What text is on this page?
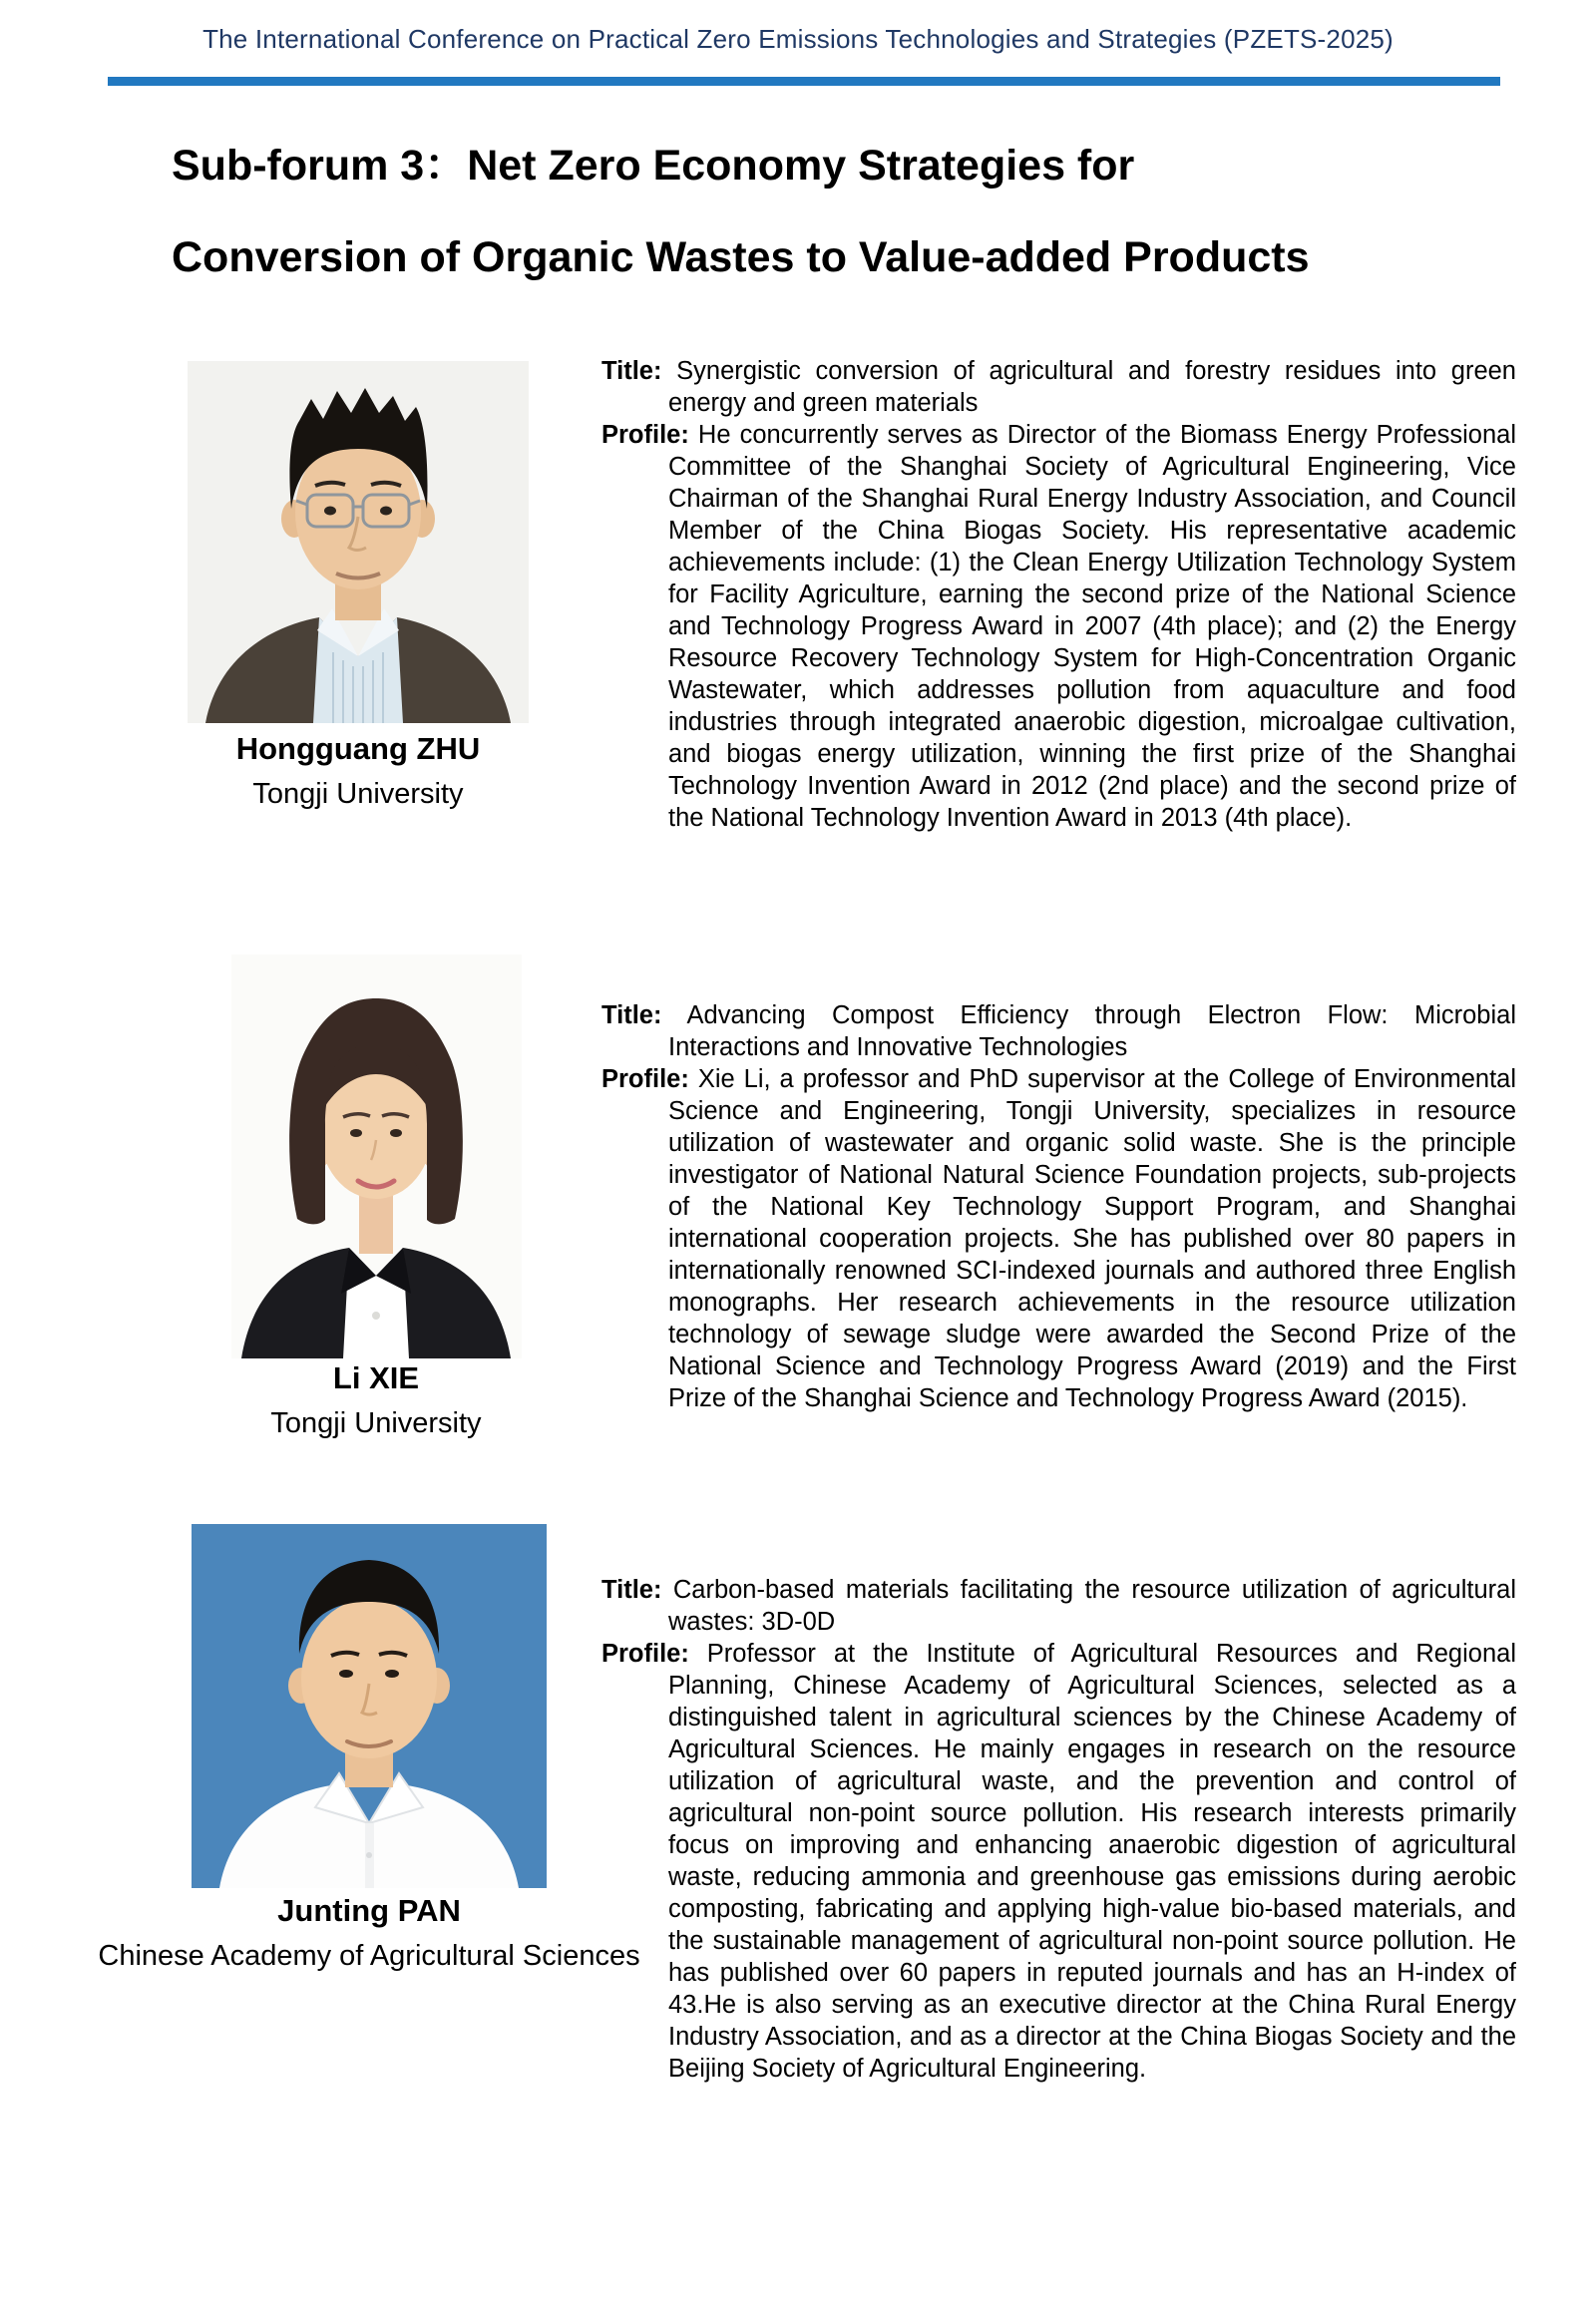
The International Conference on Practical Zero Emissions Technologies and Strategies (PZETS-2025)
Sub-forum 3：Net Zero Economy Strategies for
Conversion of Organic Wastes to Value-added Products
Hongguang ZHU
Tongji University

Title: Synergistic conversion of agricultural and forestry residues into green energy and green materials

Profile: He concurrently serves as Director of the Biomass Energy Professional Committee of the Shanghai Society of Agricultural Engineering, Vice Chairman of the Shanghai Rural Energy Industry Association, and Council Member of the China Biogas Society. His representative academic achievements include: (1) the Clean Energy Utilization Technology System for Facility Agriculture, earning the second prize of the National Science and Technology Progress Award in 2007 (4th place); and (2) the Energy Resource Recovery Technology System for High-Concentration Organic Wastewater, which addresses pollution from aquaculture and food industries through integrated anaerobic digestion, microalgae cultivation, and biogas energy utilization, winning the first prize of the Shanghai Technology Invention Award in 2012 (2nd place) and the second prize of the National Technology Invention Award in 2013 (4th place).

Li XIE
Tongji University

Title: Advancing Compost Efficiency through Electron Flow: Microbial Interactions and Innovative Technologies

Profile: Xie Li, a professor and PhD supervisor at the College of Environmental Science and Engineering, Tongji University, specializes in resource utilization of wastewater and organic solid waste. She is the principle investigator of National Natural Science Foundation projects, sub-projects of the National Key Technology Support Program, and Shanghai international cooperation projects. She has published over 80 papers in internationally renowned SCI-indexed journals and authored three English monographs. Her research achievements in the resource utilization technology of sewage sludge were awarded the Second Prize of the National Science and Technology Progress Award (2019) and the First Prize of the Shanghai Science and Technology Progress Award (2015).

Junting PAN
Chinese Academy of Agricultural Sciences

Title: Carbon-based materials facilitating the resource utilization of agricultural wastes: 3D-0D

Profile: Professor at the Institute of Agricultural Resources and Regional Planning, Chinese Academy of Agricultural Sciences, selected as a distinguished talent in agricultural sciences by the Chinese Academy of Agricultural Sciences. He mainly engages in research on the resource utilization of agricultural waste, and the prevention and control of agricultural non-point source pollution. His research interests primarily focus on improving and enhancing anaerobic digestion of agricultural waste, reducing ammonia and greenhouse gas emissions during aerobic composting, fabricating and applying high-value bio-based materials, and the sustainable management of agricultural non-point source pollution. He has published over 60 papers in reputed journals and has an H-index of 43.He is also serving as an executive director at the China Rural Energy Industry Association, and as a director at the China Biogas Society and the Beijing Society of Agricultural Engineering.
